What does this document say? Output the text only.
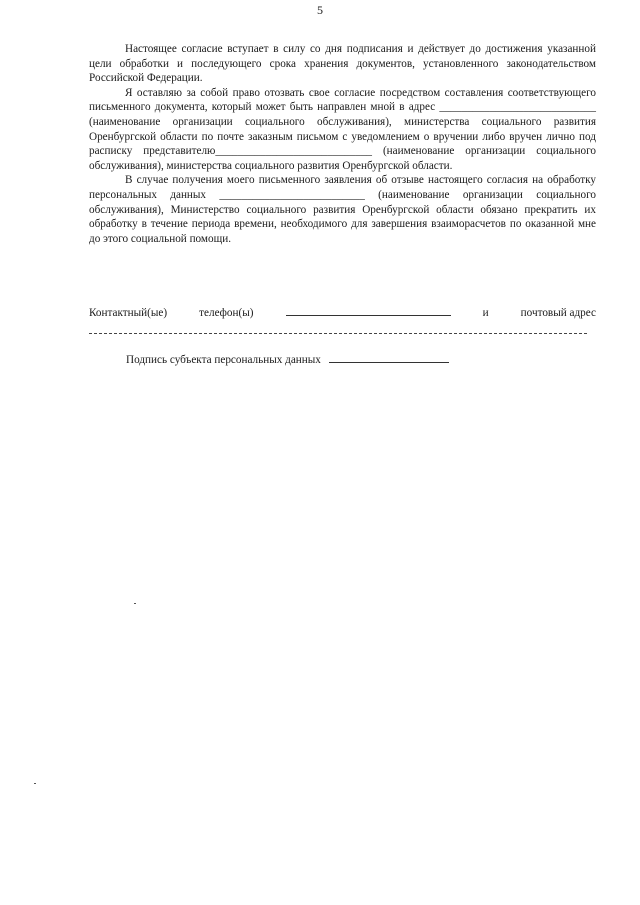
5

Настоящее согласие вступает в силу со дня подписания и действует до достижения указанной цели обработки и последующего срока хранения документов, установленного законодательством Российской Федерации.

Я оставляю за собой право отозвать свое согласие посредством составления соответствующего письменного документа, который может быть направлен мной в адрес ____________________________ (наименование организации социального обслуживания), министерства социального развития Оренбургской области по почте заказным письмом с уведомлением о вручении либо вручен лично под расписку представителю____________________________ (наименование организации социального обслуживания), министерства социального развития Оренбургской области.

В случае получения моего письменного заявления об отзыве настоящего согласия на обработку персональных данных __________________________ (наименование организации социального обслуживания), Министерство социального развития Оренбургской области обязано прекратить их обработку в течение периода времени, необходимого для завершения взаиморасчетов по оказанной мне до этого социальной помощи.

Контактный(ые)	телефон(ы)	и	почтовый адрес
Подпись субъекта персональных данных
